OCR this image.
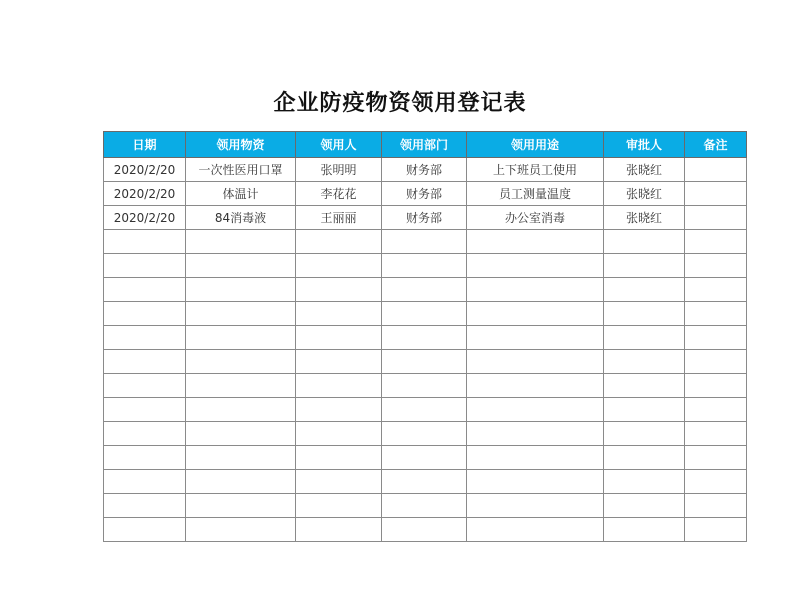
企业防疫物资领用登记表
日期	领用物资	领用人	领用部门	领用用途	审批人	备注
2020/2/20	一次性医用口罩	张明明	财务部	上下班员工使用	张晓红	
2020/2/20	体温计	李花花	财务部	员工测量温度	张晓红	
2020/2/20	84消毒液	王丽丽	财务部	办公室消毒	张晓红	
